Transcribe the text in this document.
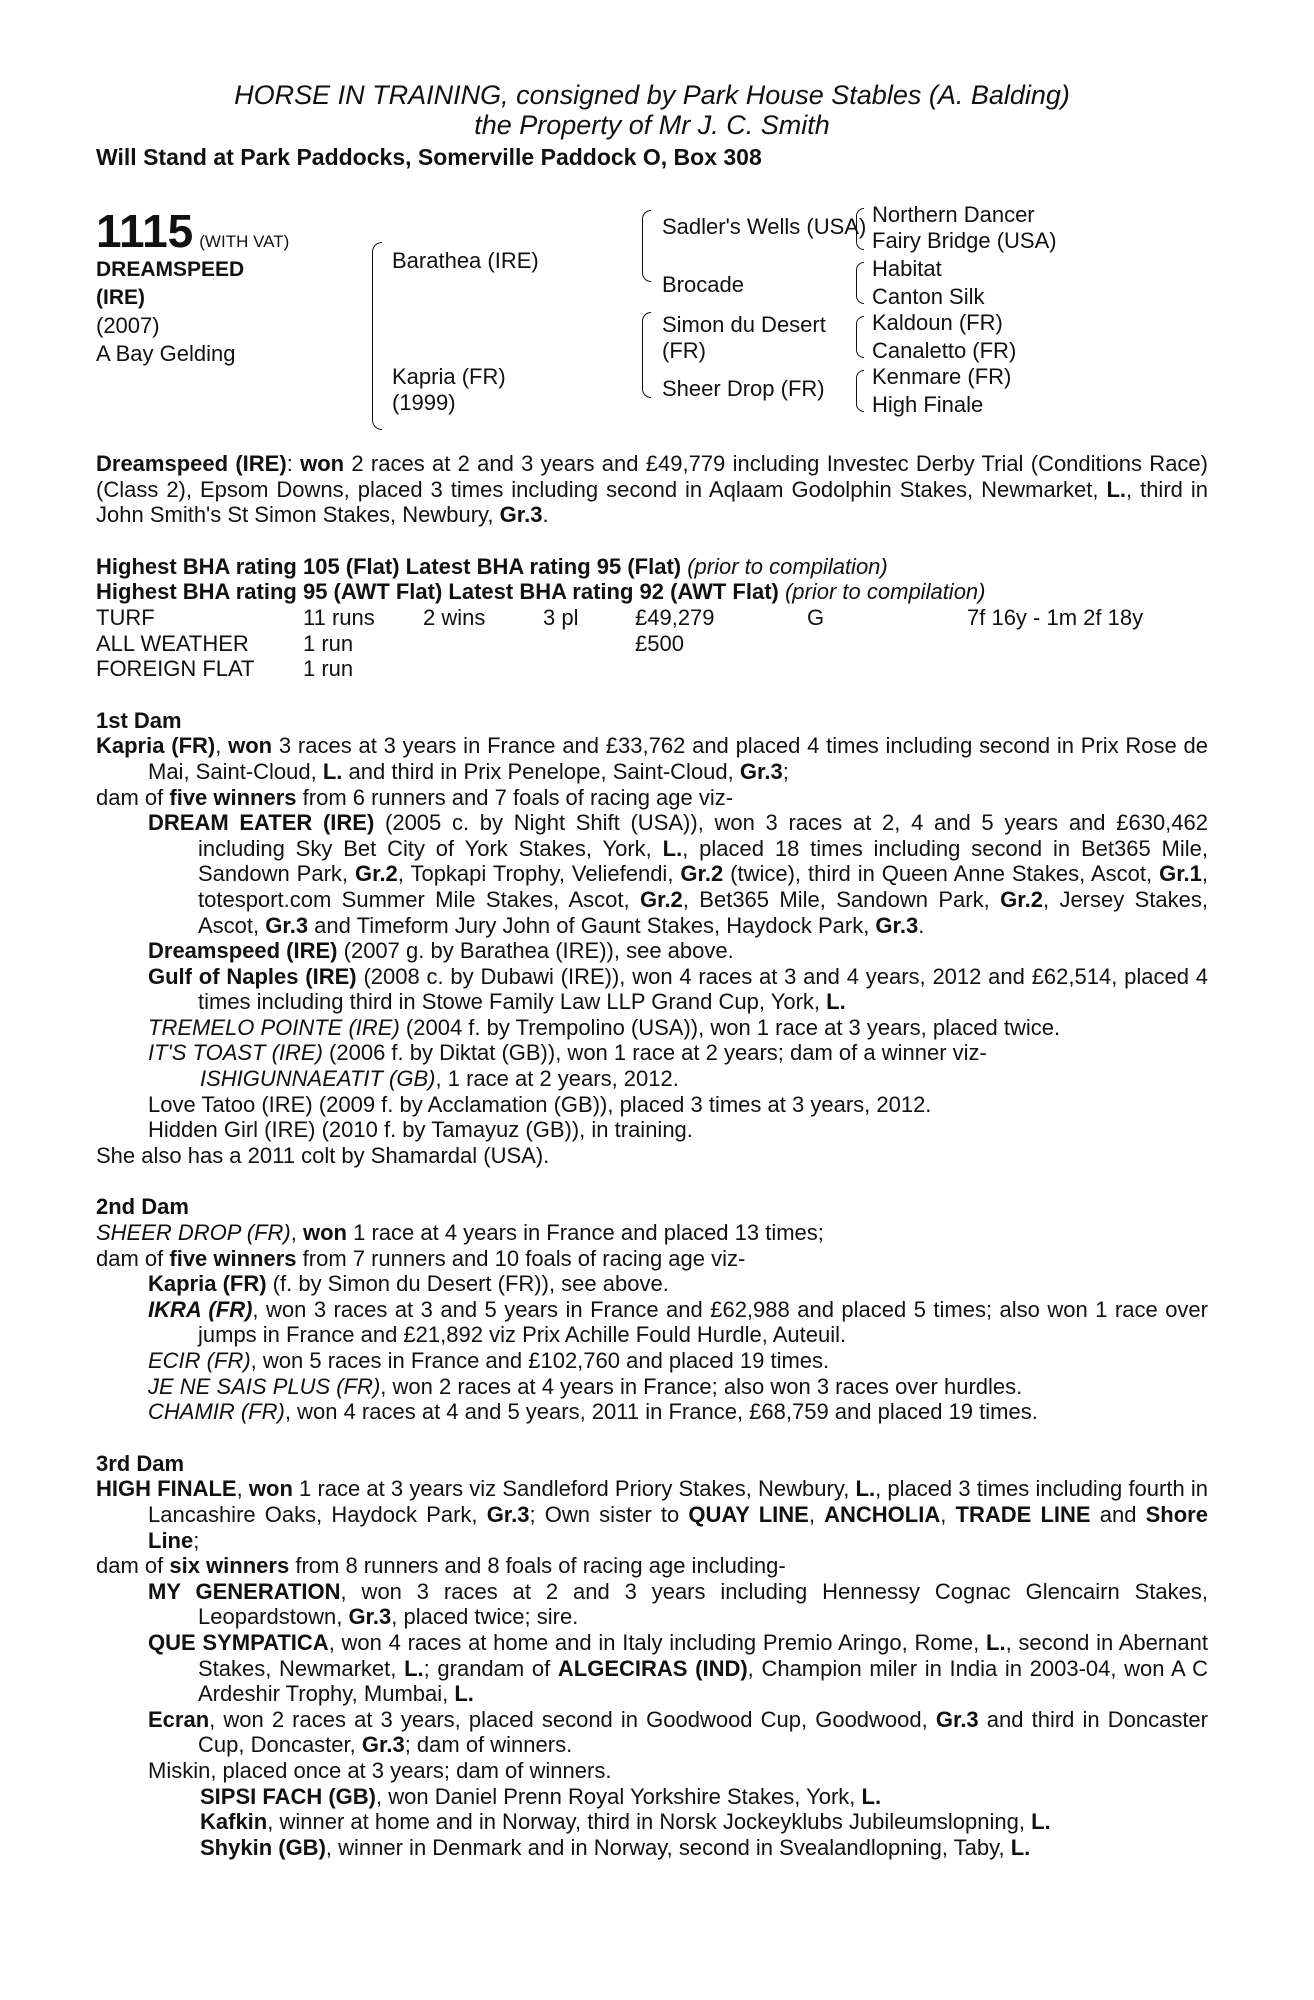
HORSE IN TRAINING, consigned by Park House Stables (A. Balding)
the Property of Mr J. C. Smith
Will Stand at Park Paddocks, Somerville Paddock O, Box 308
1115 (WITH VAT)
DREAMSPEED
(IRE)
(2007)
A Bay Gelding
Barathea (IRE)
Kapria (FR)
(1999)
Sadler's Wells (USA)
Brocade
Simon du Desert
(FR)
Sheer Drop (FR)
Northern Dancer
Fairy Bridge (USA)
Habitat
Canton Silk
Kaldoun (FR)
Canaletto (FR)
Kenmare (FR)
High Finale

Dreamspeed (IRE): won 2 races at 2 and 3 years and £49,779 including Investec Derby Trial (Conditions Race) (Class 2), Epsom Downs, placed 3 times including second in Aqlaam Godolphin Stakes, Newmarket, L., third in John Smith's St Simon Stakes, Newbury, Gr.3.

Highest BHA rating 105 (Flat) Latest BHA rating 95 (Flat) (prior to compilation)

Highest BHA rating 95 (AWT Flat) Latest BHA rating 92 (AWT Flat) (prior to compilation)

TURF	11 runs	2 wins	3 pl	£49,279	G	7f 16y - 1m 2f 18y
ALL WEATHER	1 run			£500		
FOREIGN FLAT	1 run					
1st Dam

Kapria (FR), won 3 races at 3 years in France and £33,762 and placed 4 times including second in Prix Rose de Mai, Saint-Cloud, L. and third in Prix Penelope, Saint-Cloud, Gr.3;

dam of five winners from 6 runners and 7 foals of racing age viz-

DREAM EATER (IRE) (2005 c. by Night Shift (USA)), won 3 races at 2, 4 and 5 years and £630,462 including Sky Bet City of York Stakes, York, L., placed 18 times including second in Bet365 Mile, Sandown Park, Gr.2, Topkapi Trophy, Veliefendi, Gr.2 (twice), third in Queen Anne Stakes, Ascot, Gr.1, totesport.com Summer Mile Stakes, Ascot, Gr.2, Bet365 Mile, Sandown Park, Gr.2, Jersey Stakes, Ascot, Gr.3 and Timeform Jury John of Gaunt Stakes, Haydock Park, Gr.3.

Dreamspeed (IRE) (2007 g. by Barathea (IRE)), see above.

Gulf of Naples (IRE) (2008 c. by Dubawi (IRE)), won 4 races at 3 and 4 years, 2012 and £62,514, placed 4 times including third in Stowe Family Law LLP Grand Cup, York, L.

TREMELO POINTE (IRE) (2004 f. by Trempolino (USA)), won 1 race at 3 years, placed twice.

IT'S TOAST (IRE) (2006 f. by Diktat (GB)), won 1 race at 2 years; dam of a winner viz-

ISHIGUNNAEATIT (GB), 1 race at 2 years, 2012.

Love Tatoo (IRE) (2009 f. by Acclamation (GB)), placed 3 times at 3 years, 2012.

Hidden Girl (IRE) (2010 f. by Tamayuz (GB)), in training.

She also has a 2011 colt by Shamardal (USA).

2nd Dam

SHEER DROP (FR), won 1 race at 4 years in France and placed 13 times;

dam of five winners from 7 runners and 10 foals of racing age viz-

Kapria (FR) (f. by Simon du Desert (FR)), see above.

IKRA (FR), won 3 races at 3 and 5 years in France and £62,988 and placed 5 times; also won 1 race over jumps in France and £21,892 viz Prix Achille Fould Hurdle, Auteuil.

ECIR (FR), won 5 races in France and £102,760 and placed 19 times.

JE NE SAIS PLUS (FR), won 2 races at 4 years in France; also won 3 races over hurdles.

CHAMIR (FR), won 4 races at 4 and 5 years, 2011 in France, £68,759 and placed 19 times.

3rd Dam

HIGH FINALE, won 1 race at 3 years viz Sandleford Priory Stakes, Newbury, L., placed 3 times including fourth in Lancashire Oaks, Haydock Park, Gr.3; Own sister to QUAY LINE, ANCHOLIA, TRADE LINE and Shore Line;

dam of six winners from 8 runners and 8 foals of racing age including-

MY GENERATION, won 3 races at 2 and 3 years including Hennessy Cognac Glencairn Stakes, Leopardstown, Gr.3, placed twice; sire.

QUE SYMPATICA, won 4 races at home and in Italy including Premio Aringo, Rome, L., second in Abernant Stakes, Newmarket, L.; grandam of ALGECIRAS (IND), Champion miler in India in 2003-04, won A C Ardeshir Trophy, Mumbai, L.

Ecran, won 2 races at 3 years, placed second in Goodwood Cup, Goodwood, Gr.3 and third in Doncaster Cup, Doncaster, Gr.3; dam of winners.

Miskin, placed once at 3 years; dam of winners.

SIPSI FACH (GB), won Daniel Prenn Royal Yorkshire Stakes, York, L.

Kafkin, winner at home and in Norway, third in Norsk Jockeyklubs Jubileumslopning, L.

Shykin (GB), winner in Denmark and in Norway, second in Svealandlopning, Taby, L.
